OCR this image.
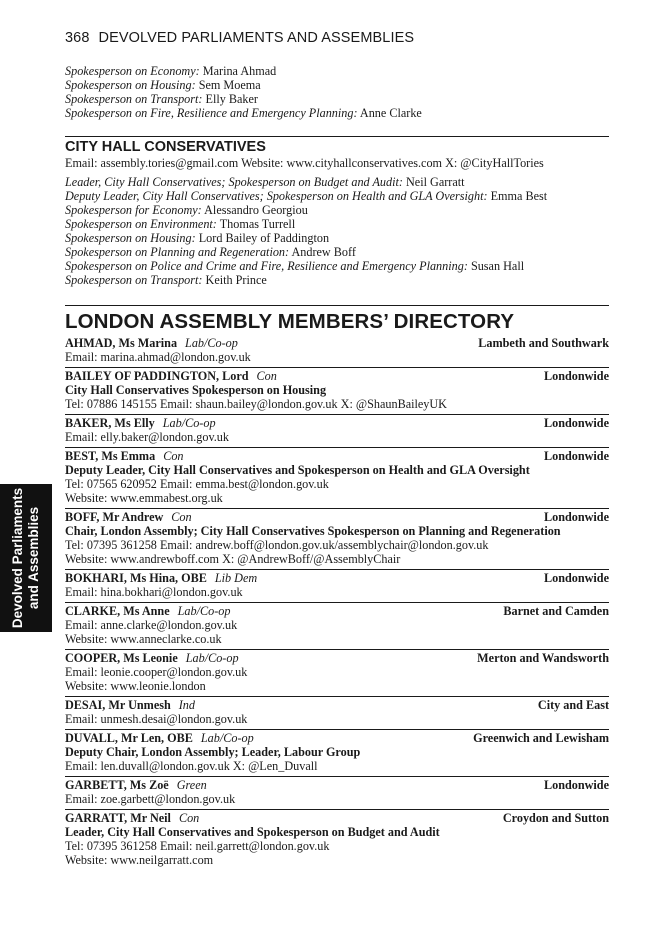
368 DEVOLVED PARLIAMENTS AND ASSEMBLIES
Spokesperson on Economy: Marina Ahmad
Spokesperson on Housing: Sem Moema
Spokesperson on Transport: Elly Baker
Spokesperson on Fire, Resilience and Emergency Planning: Anne Clarke
CITY HALL CONSERVATIVES
Email: assembly.tories@gmail.com Website: www.cityhallconservatives.com X: @CityHallTories
Leader, City Hall Conservatives; Spokesperson on Budget and Audit: Neil Garratt
Deputy Leader, City Hall Conservatives; Spokesperson on Health and GLA Oversight: Emma Best
Spokesperson for Economy: Alessandro Georgiou
Spokesperson on Environment: Thomas Turrell
Spokesperson on Housing: Lord Bailey of Paddington
Spokesperson on Planning and Regeneration: Andrew Boff
Spokesperson on Police and Crime and Fire, Resilience and Emergency Planning: Susan Hall
Spokesperson on Transport: Keith Prince
LONDON ASSEMBLY MEMBERS’ DIRECTORY
AHMAD, Ms Marina Lab/Co-op	Lambeth and Southwark
Email: marina.ahmad@london.gov.uk
BAILEY OF PADDINGTON, Lord Con	Londonwide
City Hall Conservatives Spokesperson on Housing
Tel: 07886 145155 Email: shaun.bailey@london.gov.uk X: @ShaunBaileyUK
BAKER, Ms Elly Lab/Co-op	Londonwide
Email: elly.baker@london.gov.uk
BEST, Ms Emma Con	Londonwide
Deputy Leader, City Hall Conservatives and Spokesperson on Health and GLA Oversight
Tel: 07565 620952 Email: emma.best@london.gov.uk
Website: www.emmabest.org.uk
BOFF, Mr Andrew Con	Londonwide
Chair, London Assembly; City Hall Conservatives Spokesperson on Planning and Regeneration
Tel: 07395 361258 Email: andrew.boff@london.gov.uk/assemblychair@london.gov.uk
Website: www.andrewboff.com X: @AndrewBoff/@AssemblyChair
BOKHARI, Ms Hina, OBE Lib Dem	Londonwide
Email: hina.bokhari@london.gov.uk
CLARKE, Ms Anne Lab/Co-op	Barnet and Camden
Email: anne.clarke@london.gov.uk
Website: www.anneclarke.co.uk
COOPER, Ms Leonie Lab/Co-op	Merton and Wandsworth
Email: leonie.cooper@london.gov.uk
Website: www.leonie.london
DESAI, Mr Unmesh Ind	City and East
Email: unmesh.desai@london.gov.uk
DUVALL, Mr Len, OBE Lab/Co-op	Greenwich and Lewisham
Deputy Chair, London Assembly; Leader, Labour Group
Email: len.duvall@london.gov.uk X: @Len_Duvall
GARBETT, Ms Zoë Green	Londonwide
Email: zoe.garbett@london.gov.uk
GARRATT, Mr Neil Con	Croydon and Sutton
Leader, City Hall Conservatives and Spokesperson on Budget and Audit
Tel: 07395 361258 Email: neil.garrett@london.gov.uk
Website: www.neilgarratt.com
Devolved Parliaments and Assemblies
